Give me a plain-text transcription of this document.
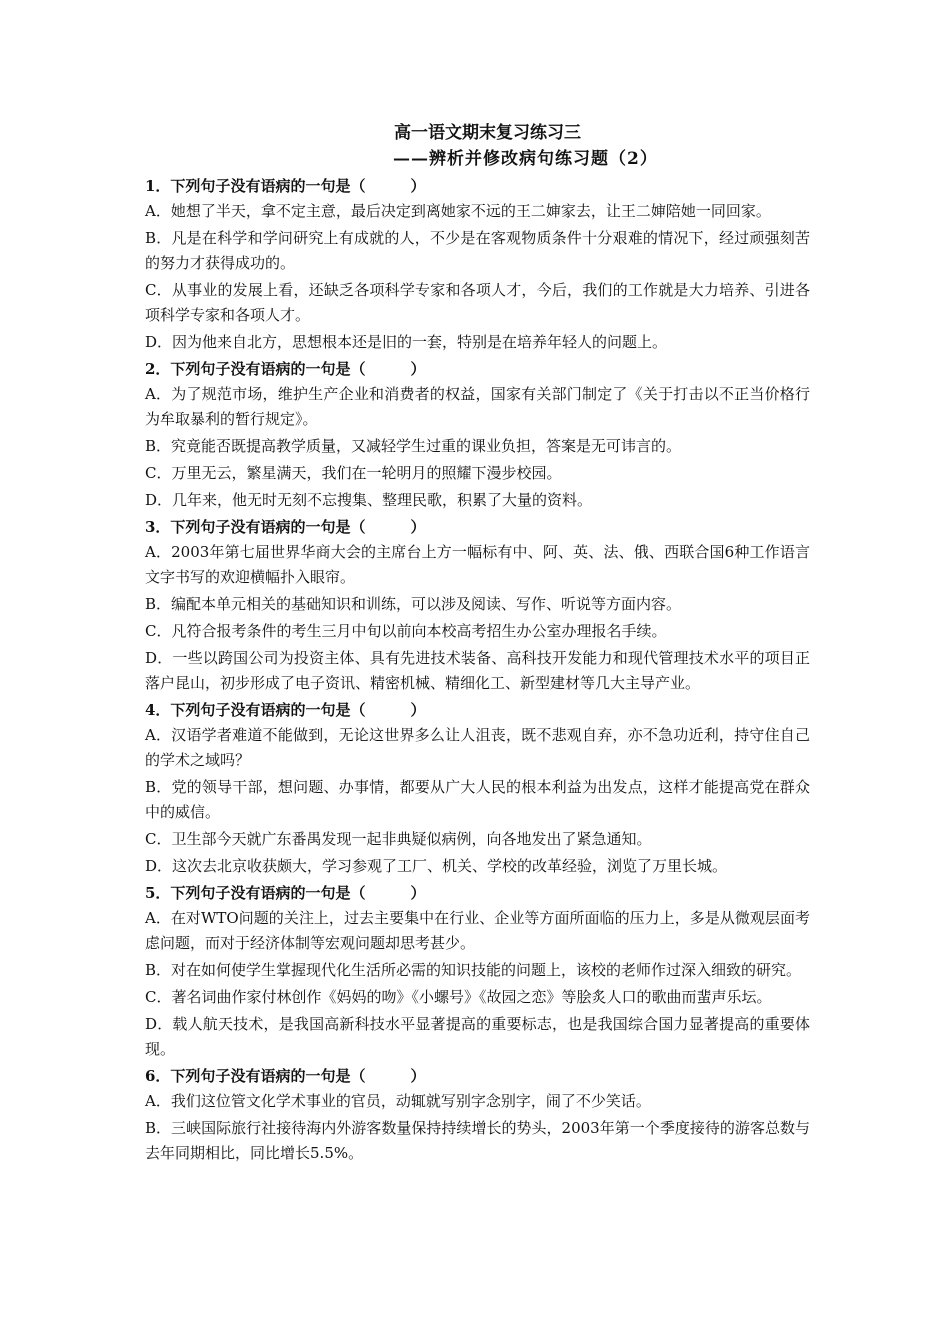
高一语文期末复习练习三

——辨析并修改病句练习题（2）

1．下列句子没有语病的一句是（　　　）

A．她想了半天，拿不定主意，最后决定到离她家不远的王二婶家去，让王二婶陪她一同回家。

B．凡是在科学和学问研究上有成就的人，不少是在客观物质条件十分艰难的情况下，经过顽强刻苦的努力才获得成功的。

C．从事业的发展上看，还缺乏各项科学专家和各项人才，今后，我们的工作就是大力培养、引进各项科学专家和各项人才。

D．因为他来自北方，思想根本还是旧的一套，特别是在培养年轻人的问题上。

2．下列句子没有语病的一句是（　　　）

A．为了规范市场，维护生产企业和消费者的权益，国家有关部门制定了《关于打击以不正当价格行为牟取暴利的暂行规定》。

B．究竟能否既提高教学质量，又减轻学生过重的课业负担，答案是无可讳言的。

C．万里无云，繁星满天，我们在一轮明月的照耀下漫步校园。

D．几年来，他无时无刻不忘搜集、整理民歌，积累了大量的资料。

3．下列句子没有语病的一句是（　　　）

A．2003年第七届世界华商大会的主席台上方一幅标有中、阿、英、法、俄、西联合国6种工作语言文字书写的欢迎横幅扑入眼帘。

B．编配本单元相关的基础知识和训练，可以涉及阅读、写作、听说等方面内容。

C．凡符合报考条件的考生三月中旬以前向本校高考招生办公室办理报名手续。

D．一些以跨国公司为投资主体、具有先进技术装备、高科技开发能力和现代管理技术水平的项目正落户昆山，初步形成了电子资讯、精密机械、精细化工、新型建材等几大主导产业。

4．下列句子没有语病的一句是（　　　）

A．汉语学者难道不能做到，无论这世界多么让人沮丧，既不悲观自弃，亦不急功近利，持守住自己的学术之域吗？

B．党的领导干部，想问题、办事情，都要从广大人民的根本利益为出发点，这样才能提高党在群众中的威信。

C．卫生部今天就广东番禺发现一起非典疑似病例，向各地发出了紧急通知。

D．这次去北京收获颇大，学习参观了工厂、机关、学校的改革经验，浏览了万里长城。

5．下列句子没有语病的一句是（　　　）

A．在对WTO问题的关注上，过去主要集中在行业、企业等方面所面临的压力上，多是从微观层面考虑问题，而对于经济体制等宏观问题却思考甚少。

B．对在如何使学生掌握现代化生活所必需的知识技能的问题上，该校的老师作过深入细致的研究。

C．著名词曲作家付林创作《妈妈的吻》《小螺号》《故园之恋》等脍炙人口的歌曲而蜚声乐坛。

D．载人航天技术，是我国高新科技水平显著提高的重要标志，也是我国综合国力显著提高的重要体现。

6．下列句子没有语病的一句是（　　　）

A．我们这位管文化学术事业的官员，动辄就写别字念别字，闹了不少笑话。

B．三峡国际旅行社接待海内外游客数量保持持续增长的势头，2003年第一个季度接待的游客总数与去年同期相比，同比增长5.5%。
